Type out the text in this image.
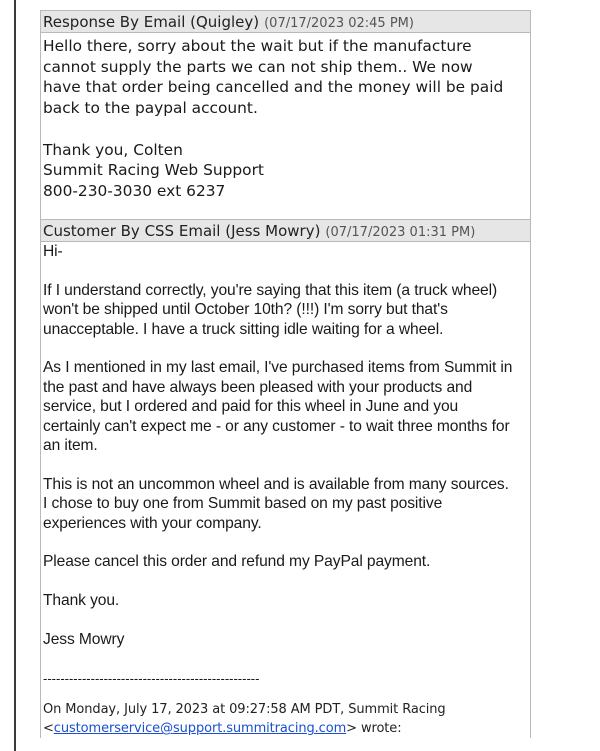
Response By Email (Quigley) (07/17/2023 02:45 PM)

Hello there, sorry about the wait but if the manufacture

cannot supply the parts we can not ship them.. We now

have that order being cancelled and the money will be paid

back to the paypal account.

Thank you, Colten

Summit Racing Web Support

800-230-3030 ext 6237

Customer By CSS Email (Jess Mowry) (07/17/2023 01:31 PM)

Hi-

If I understand correctly, you're saying that this item (a truck wheel)

won't be shipped until October 10th? (!!!) I'm sorry but that's

unacceptable. I have a truck sitting idle waiting for a wheel.

As I mentioned in my last email, I've purchased items from Summit in

the past and have always been pleased with your products and

service, but I ordered and paid for this wheel in June and you

certainly can't expect me - or any customer - to wait three months for

an item.

This is not an uncommon wheel and is available from many sources.

I chose to buy one from Summit based on my past positive

experiences with your company.

Please cancel this order and refund my PayPal payment.

Thank you.

Jess Mowry

--------------------------------------------------

On Monday, July 17, 2023 at 09:27:58 AM PDT, Summit Racing
<customerservice@support.summitracing.com> wrote:
